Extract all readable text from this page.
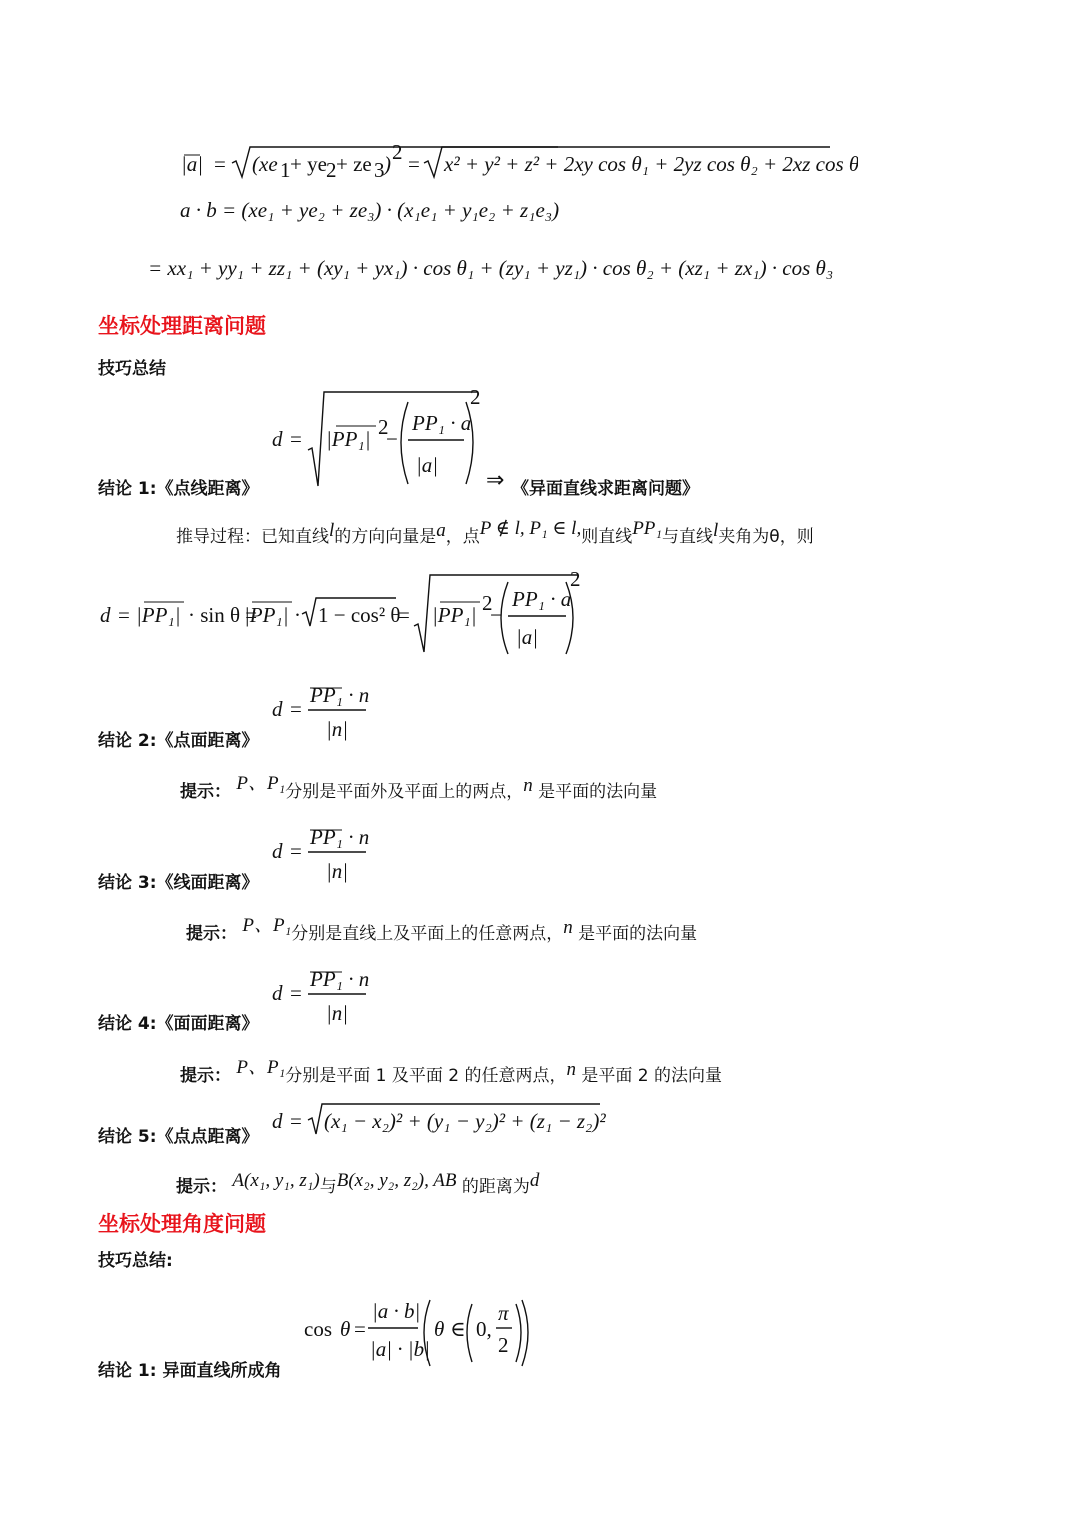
|a| = (xe 1 + ye 2 + ze 3 ) 2 = x² + y² + z² + 2xy cos θ₁ + 2yz cos θ₂ + 2xz cos θ₃
a · b = (xe₁ + ye₂ + ze₃) · (x₁e₁ + y₁e₂ + z₁e₃)
= xx₁ + yy₁ + zz₁ + (xy₁ + yx₁) · cos θ₁ + (zy₁ + yz₁) · cos θ₂ + (xz₁ + zx₁) · cos θ₃
坐标处理距离问题
技巧总结
d = |PP₁| 2
−
PP₁ · a
|a|
2
结论 1:《点线距离》	⇒ 《异面直线求距离问题》
推导过程：已知直线l的方向向量是a，点P ∉ l, P₁ ∈ l,则直线PP₁与直线l夹角为θ，则
d = |PP₁| · sin θ =
|PP₁| · 1 − cos² θ
= |PP₁| 2
−
PP₁ · a
|a|
2
d =
PP₁ · n
|n|
结论 2:《点面距离》
提示： P、P₁分别是平面外及平面上的两点，n 是平面的法向量
d =
PP₁ · n
|n|
结论 3:《线面距离》
提示： P、P₁分别是直线上及平面上的任意两点，n 是平面的法向量
d =
PP₁ · n
|n|
结论 4:《面面距离》
提示： P、P₁分别是平面 1 及平面 2 的任意两点，n 是平面 2 的法向量
结论 5:《点点距离》
d = (x₁ − x₂)² + (y₁ − y₂)² + (z₁ − z₂)²
提示： A(x₁, y₁, z₁)与B(x₂, y₂, z₂), AB 的距离为d
坐标处理角度问题
技巧总结:
cos θ =
|a · b|
|a| · |b|
θ ∈ 0,
π
2
结论 1: 异面直线所成角
